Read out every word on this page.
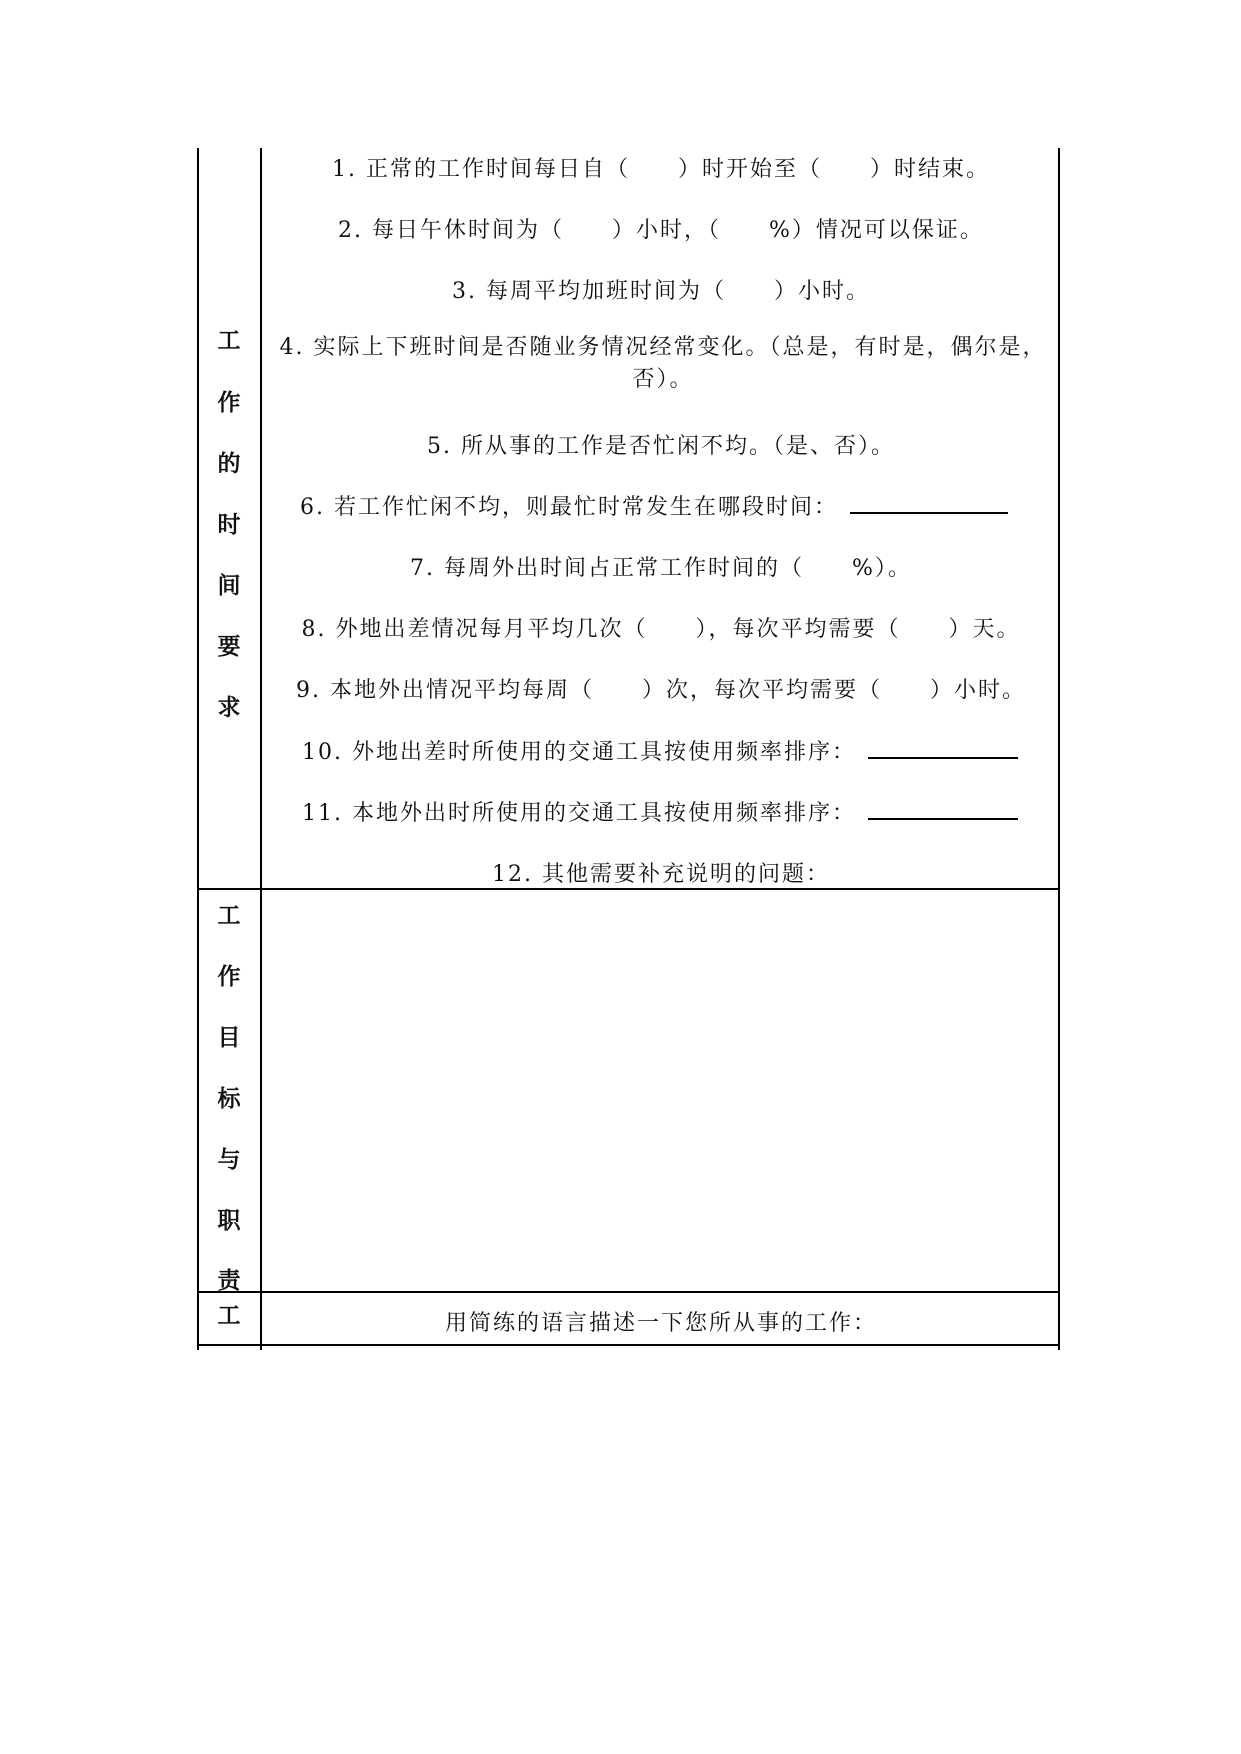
工
作
的
时
间
要
求
1. 正常的工作时间每日自（　　）时开始至（　　）时结束。
2. 每日午休时间为（　　）小时，（　　%）情况可以保证。
3. 每周平均加班时间为（　　）小时。
4. 实际上下班时间是否随业务情况经常变化。（总是，有时是，偶尔是，否）。
5. 所从事的工作是否忙闲不均。（是、否）。
6. 若工作忙闲不均，则最忙时常发生在哪段时间：
7. 每周外出时间占正常工作时间的（　　%）。
8. 外地出差情况每月平均几次（　　），每次平均需要（　　）天。
9. 本地外出情况平均每周（　　）次，每次平均需要（　　）小时。
10. 外地出差时所使用的交通工具按使用频率排序：
11. 本地外出时所使用的交通工具按使用频率排序：
12. 其他需要补充说明的问题：
工
作
目
标
与
职
责
工	用简练的语言描述一下您所从事的工作：
